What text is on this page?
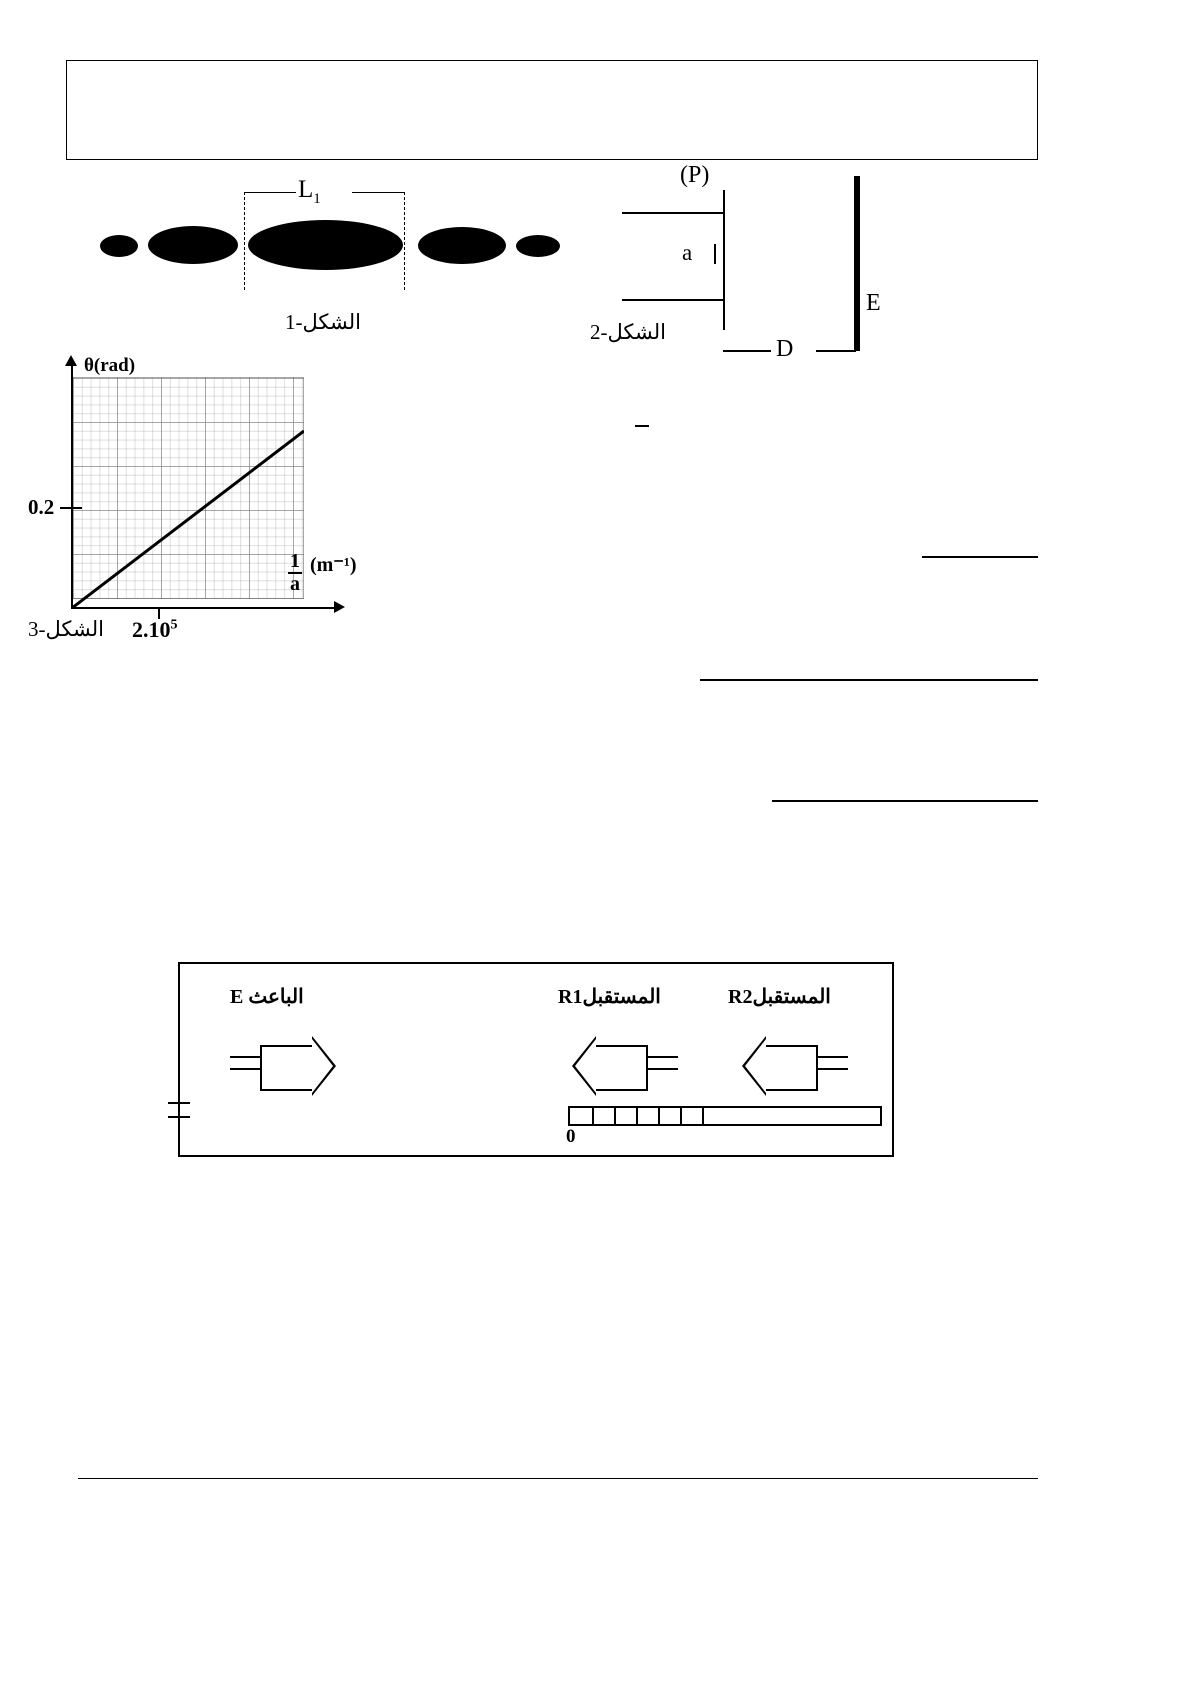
$L_1$
الشكل-1
(P)
a
E
D
الشكل-2
θ(rad)
0.2
2.10$^5$
1
a
(m⁻¹)
الشكل-3
الباعث E	المستقبلR1	المستقبلR2
0
